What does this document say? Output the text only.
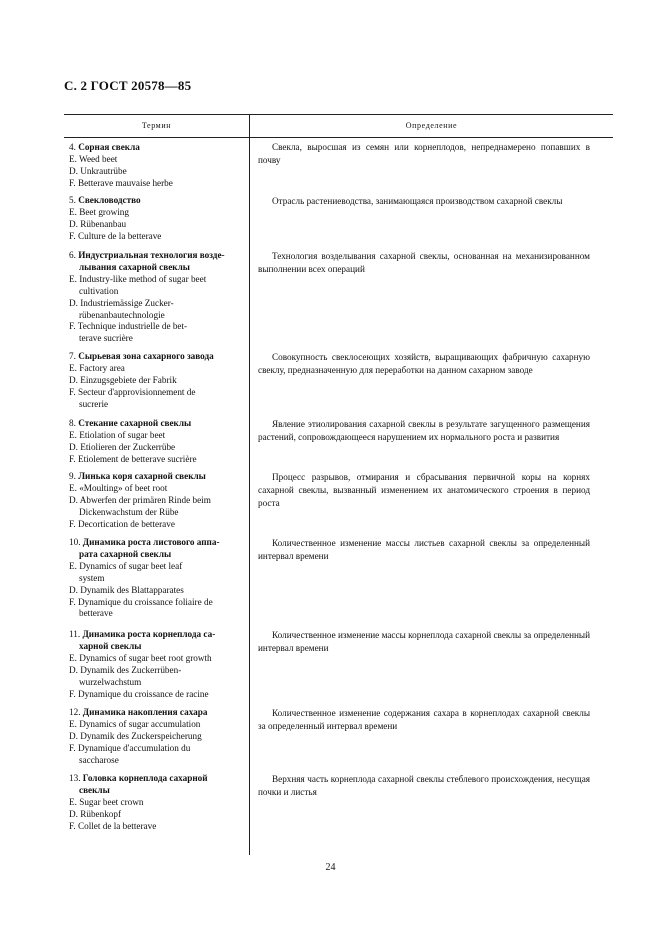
С. 2 ГОСТ 20578—85
Термин	Определение
4. Сорная свекла
E. Weed beet
D. Unkrautrübe
F. Betterave mauvaise herbe
Свекла, выросшая из семян или корнеплодов, непреднамерено попавших в почву
5. Свекловодство
E. Beet growing
D. Rübenanbau
F. Culture de la betterave
Отрасль растениеводства, занимающаяся производством сахарной свеклы
6. Индустриальная технология возде-
лывания сахарной свеклы
E. Industry-like method of sugar beet
cultivation
D. Industriemässige Zucker-
rübenanbautechnologie
F. Technique industrielle de bet-
terave sucrière
Технология возделывания сахарной свеклы, основанная на механизированном выполнении всех операций
7. Сырьевая зона сахарного завода
E. Factory area
D. Einzugsgebiete der Fabrik
F. Secteur d'approvisionnement de
sucrerie
Совокупность свеклосеющих хозяйств, выращивающих фабричную сахарную свеклу, предназначенную для переработки на данном сахарном заводе
8. Стекание сахарной свеклы
E. Etiolation of sugar beet
D. Etiolieren der Zuckerrübe
F. Etiolement de betterave sucrière
Явление этиолирования сахарной свеклы в результате загущенного размещения растений, сопровождающееся нарушением их нормального роста и развития
9. Линька коря сахарной свеклы
E. «Moulting» of beet root
D. Abwerfen der primären Rinde beim
Dickenwachstum der Rübe
F. Decortication de betterave
Процесс разрывов, отмирания и сбрасывания первичной коры на корнях сахарной свеклы, вызванный изменением их анатомического строения в период роста
10. Динамика роста листового аппа-
рата сахарной свеклы
E. Dynamics of sugar beet leaf
system
D. Dynamik des Blattapparates
F. Dynamique du croissance foliaire de
betterave
Количественное изменение массы листьев сахарной свеклы за определенный интервал времени
11. Динамика роста корнеплода са-
харной свеклы
E. Dynamics of sugar beet root growth
D. Dynamik des Zuckerrüben-
wurzelwachstum
F. Dynamique du croissance de racine
Количественное изменение массы корнеплода сахарной свеклы за определенный интервал времени
12. Динамика накопления сахара
E. Dynamics of sugar accumulation
D. Dynamik des Zuckerspeicherung
F. Dynamique d'accumulation du
saccharose
Количественное изменение содержания сахара в корнеплодах сахарной свеклы за определенный интервал времени
13. Головка корнеплода сахарной
свеклы
E. Sugar beet crown
D. Rübenkopf
F. Collet de la betterave
Верхняя часть корнеплода сахарной свеклы стеблевого происхождения, несущая почки и листья
24
